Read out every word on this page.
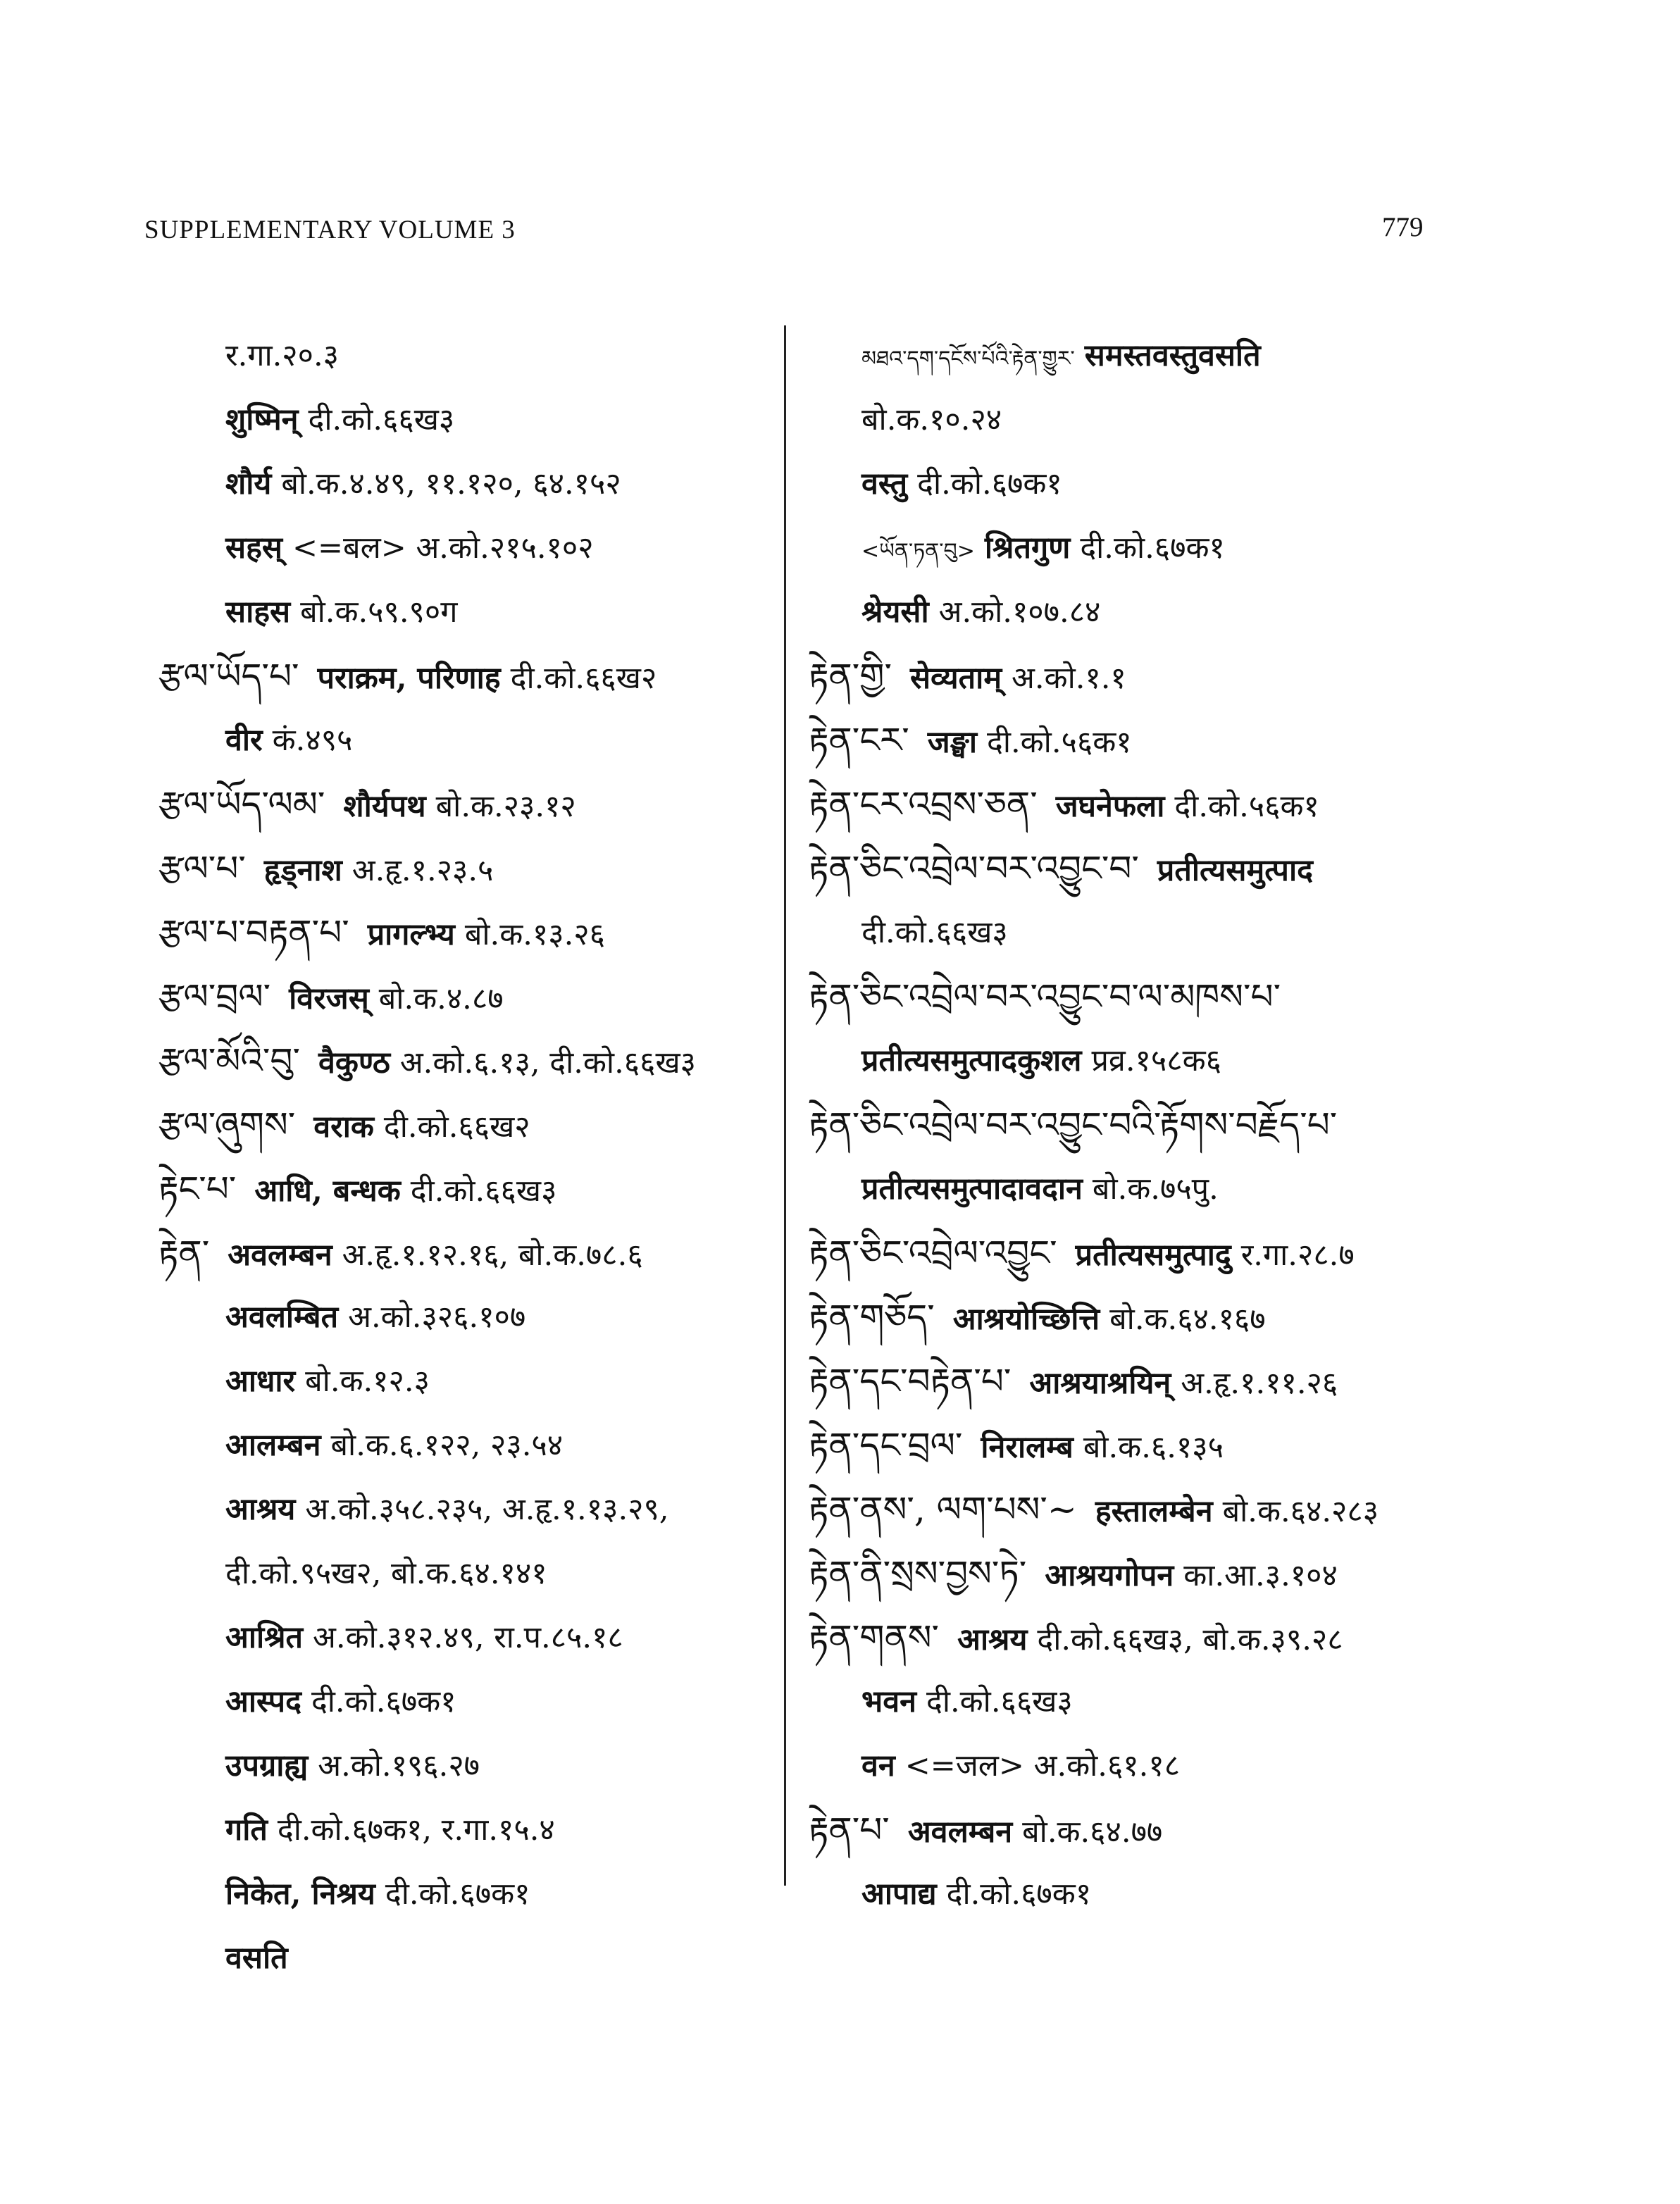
SUPPLEMENTARY VOLUME 3	779
र.गा.२०.३
शुष्मिन् दी.को.६६ख३
शौर्य बो.क.४.४९, ११.१२०, ६४.१५२
सहस् <=बल> अ.को.२१५.१०२
साहस बो.क.५९.९०ग
རྩལ་ཡོད་པ་ पराक्रम, परिणाह दी.को.६६ख२
वीर कं.४९५
རྩལ་ཡོད་ལམ་ शौर्यपथ बो.क.२३.१२
རྩལ་པ་ हृड्नाश अ.हृ.१.२३.५
རྩལ་པ་བརྟན་པ་ प्रागल्भ्य बो.क.१३.२६
རྩལ་བྲལ་ विरजस् बो.क.४.८७
རྩལ་མོའི་བུ་ वैकुण्ठ अ.को.६.१३, दी.को.६६ख३
རྩལ་ཞུགས་ वराक दी.को.६६ख२
རྟེང་པ་ आधि, बन्धक दी.को.६६ख३
རྟེན་ अवलम्बन अ.हृ.१.१२.१६, बो.क.७८.६
अवलम्बित अ.को.३२६.१०७
आधार बो.क.१२.३
आलम्बन बो.क.६.१२२, २३.५४
आश्रय अ.को.३५८.२३५, अ.हृ.१.१३.२९,
दी.को.९५ख२, बो.क.६४.१४१
आश्रित अ.को.३१२.४९, रा.प.८५.१८
आस्पद दी.को.६७क१
उपग्राह्य अ.को.१९६.२७
गति दी.को.६७क१, र.गा.१५.४
निकेत, निश्रय दी.को.६७क१
वसति
མཐའ་དག་དངོས་པོའི་རྟེན་གྱུར་ समस्तवस्तुवसति
बो.क.१०.२४
वस्तु दी.को.६७क१
<ཡོན་ཏན་བུ> श्रितगुण दी.को.६७क१
श्रेयसी अ.को.१०७.८४
རྟེན་གྱི་ सेव्यताम् अ.को.१.१
རྟེན་ངར་ जङ्घा दी.को.५६क१
རྟེན་ངར་འབྲས་ཅན་ जघनेफला दी.को.५६क१
རྟེན་ཅིང་འབྲེལ་བར་འབྱུང་བ་ प्रतीत्यसमुत्पाद
दी.को.६६ख३
རྟེན་ཅིང་འབྲེལ་བར་འབྱུང་བ་ལ་མཁས་པ་
प्रतीत्यसमुत्पादकुशल प्रव्र.१५८क६
རྟེན་ཅིང་འབྲེལ་བར་འབྱུང་བའི་རྟོགས་བརྗོད་པ་
प्रतीत्यसमुत्पादावदान बो.क.७५पु.
རྟེན་ཅིང་འབྲེལ་འབྱུང་ प्रतीत्यसमुत्पादु र.गा.२८.७
རྟེན་གཅོད་ आश्रयोच्छित्ति बो.क.६४.१६७
རྟེན་དང་བརྟེན་པ་ आश्रयाश्रयिन् अ.हृ.१.११.२६
རྟེན་དང་བྲལ་ निरालम्ब बो.क.६.१३५
རྟེན་ནས་, ལག་པས་~ हस्तालम्बेन बो.क.६४.२८३
རྟེན་ནི་སྲས་བྱས་ཏེ་ आश्रयगोपन का.आ.३.१०४
རྟེན་གནས་ आश्रय दी.को.६६ख३, बो.क.३९.२८
भवन दी.को.६६ख३
वन <=जल> अ.को.६१.१८
རྟེན་པ་ अवलम्बन बो.क.६४.७७
आपाद्य दी.को.६७क१
